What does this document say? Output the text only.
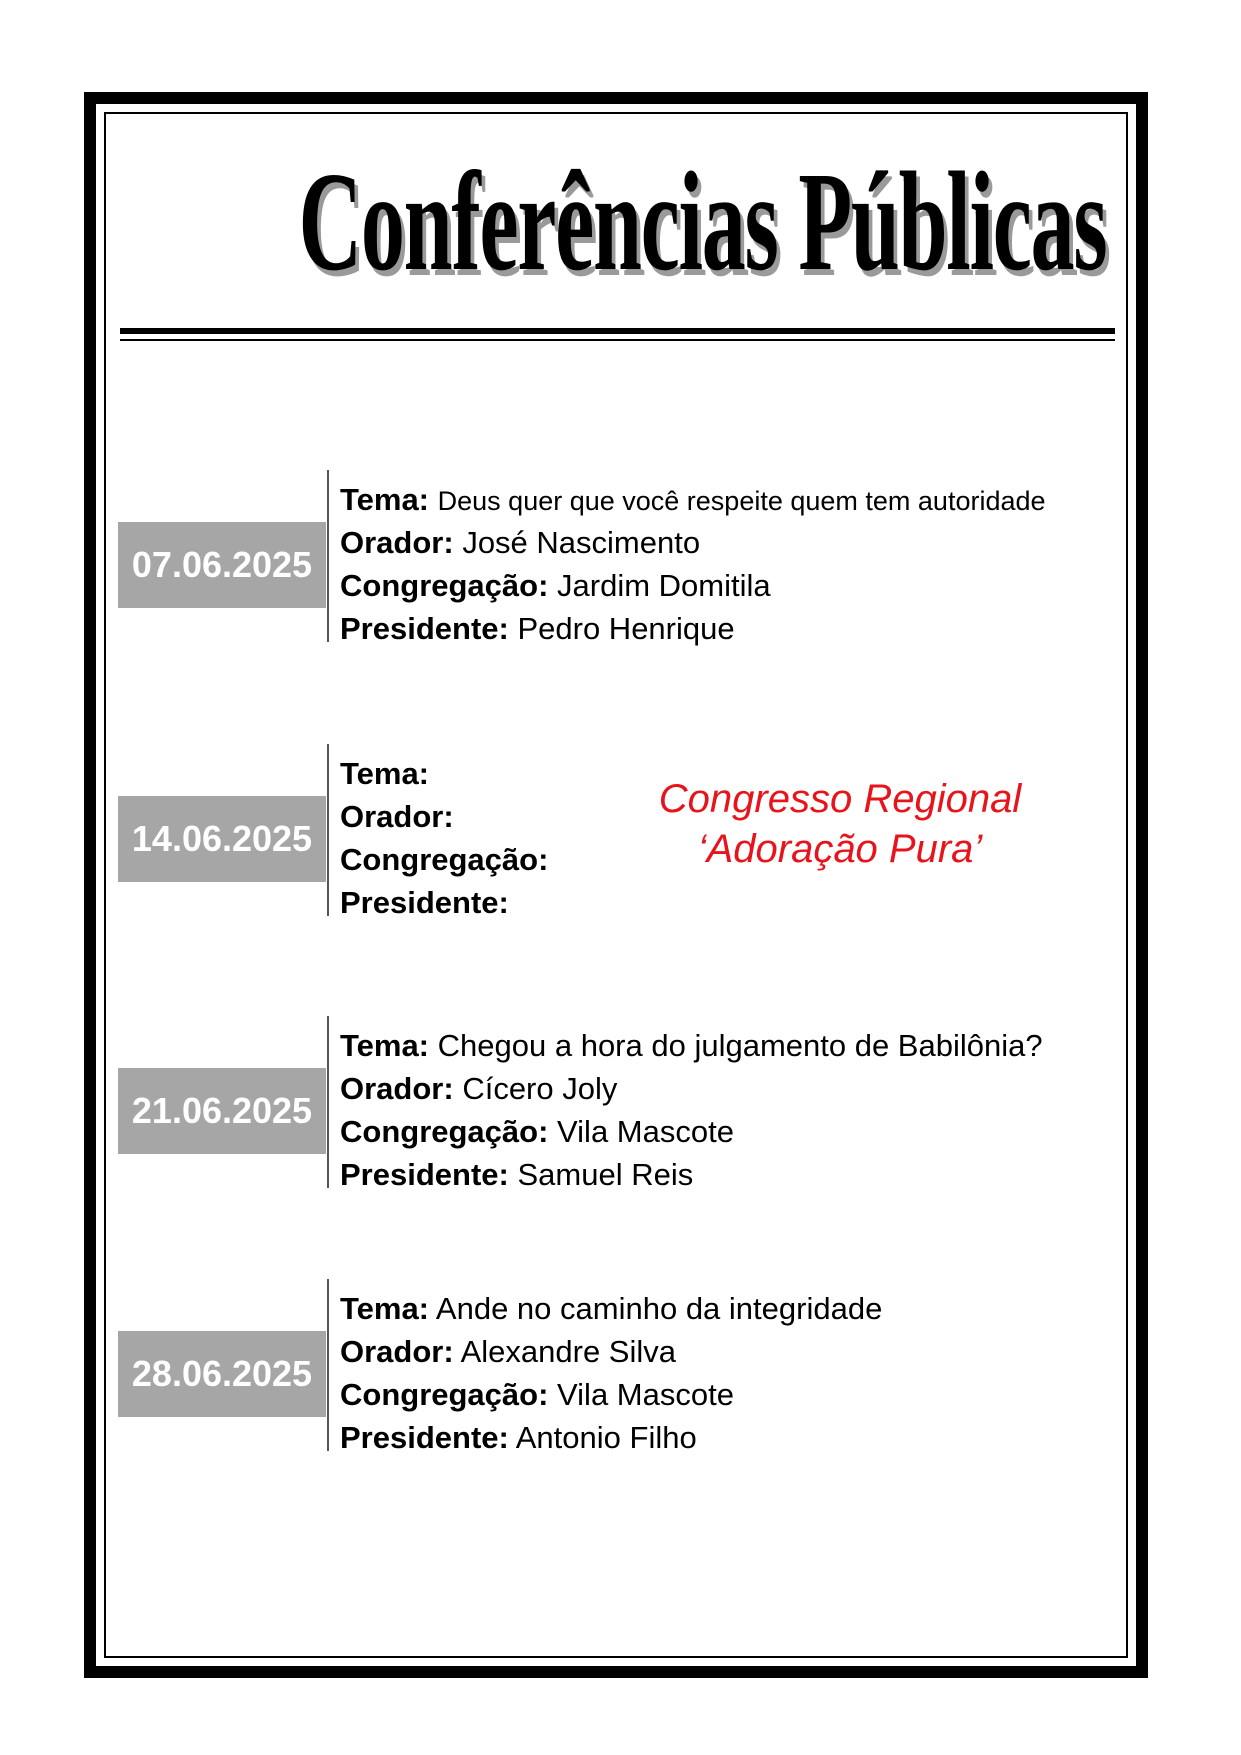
Conferências Públicas
07.06.2025
Tema: Deus quer que você respeite quem tem autoridade
Orador: José Nascimento
Congregação: Jardim Domitila
Presidente: Pedro Henrique
14.06.2025
Tema:
Orador:
Congregação:
Presidente:
Congresso Regional
‘Adoração Pura’
21.06.2025
Tema: Chegou a hora do julgamento de Babilônia?
Orador: Cícero Joly
Congregação: Vila Mascote
Presidente: Samuel Reis
28.06.2025
Tema: Ande no caminho da integridade
Orador: Alexandre Silva
Congregação: Vila Mascote
Presidente: Antonio Filho
